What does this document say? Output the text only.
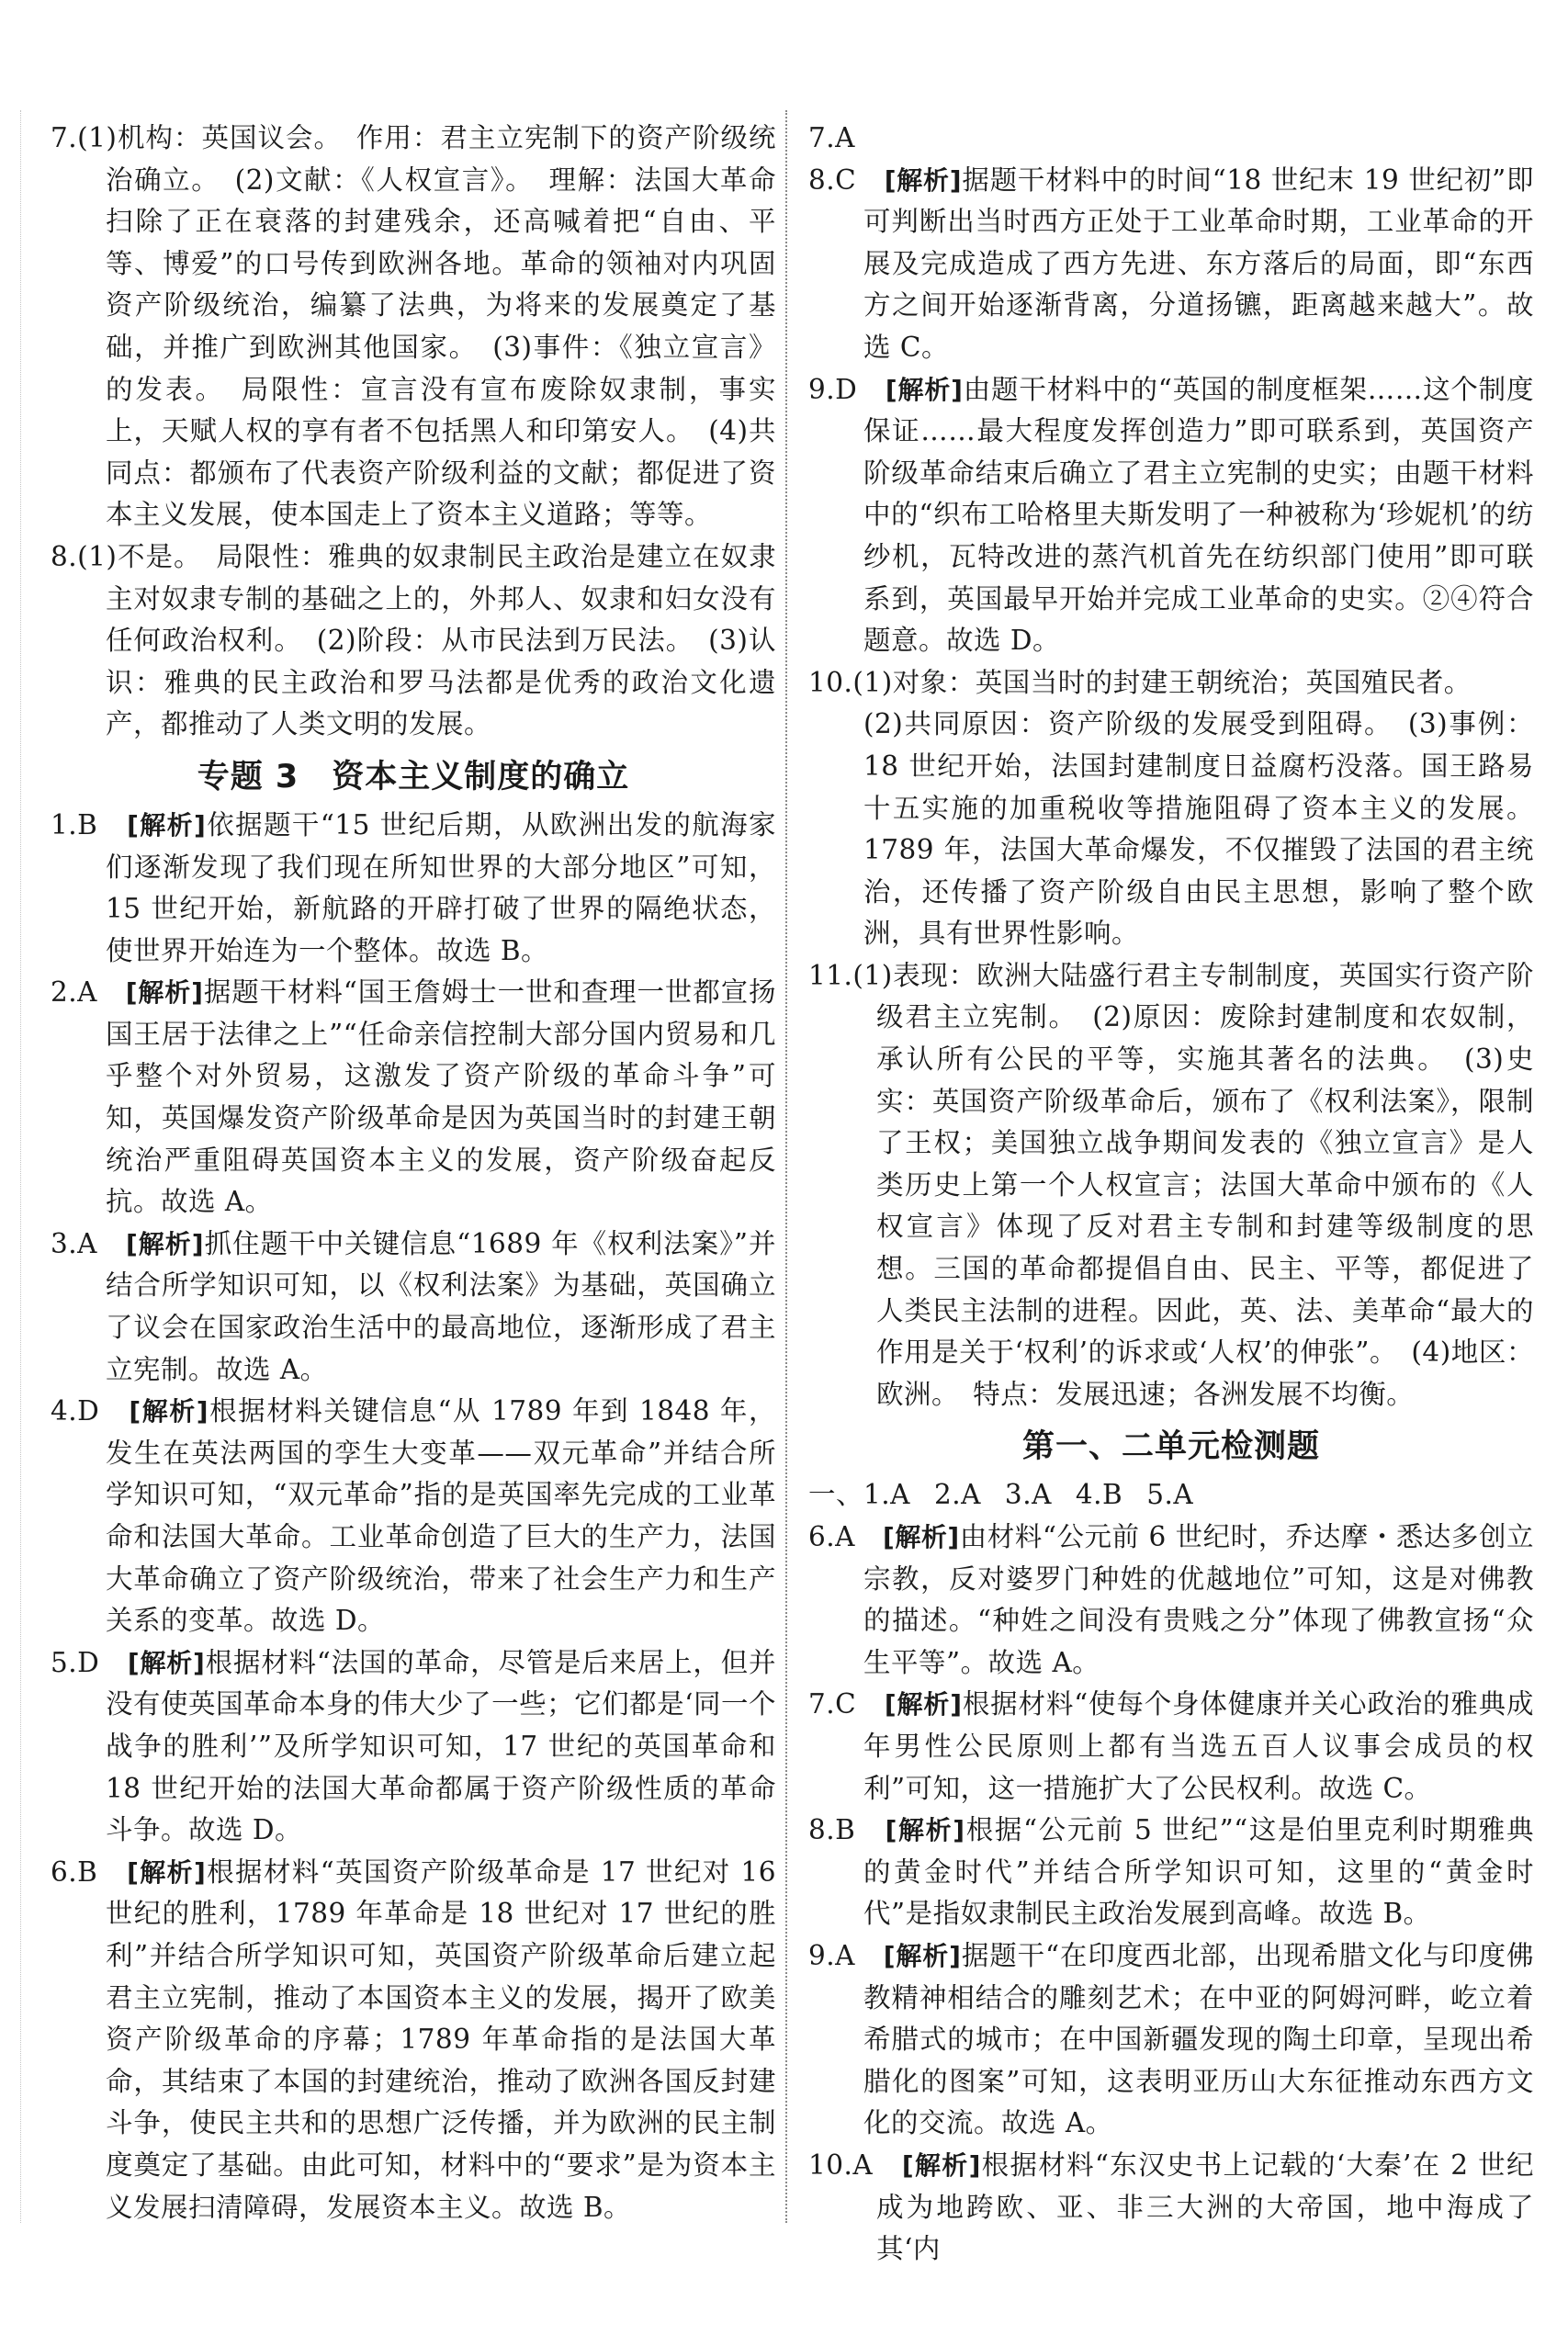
7.(1)机构：英国议会。　作用：君主立宪制下的资产阶级统治确立。　(2)文献：《人权宣言》。　理解：法国大革命扫除了正在衰落的封建残余，还高喊着把“自由、平等、博爱”的口号传到欧洲各地。革命的领袖对内巩固资产阶级统治，编纂了法典，为将来的发展奠定了基础，并推广到欧洲其他国家。　(3)事件：《独立宣言》的发表。　局限性：宣言没有宣布废除奴隶制，事实上，天赋人权的享有者不包括黑人和印第安人。　(4)共同点：都颁布了代表资产阶级利益的文献；都促进了资本主义发展，使本国走上了资本主义道路；等等。

8.(1)不是。　局限性：雅典的奴隶制民主政治是建立在奴隶主对奴隶专制的基础之上的，外邦人、奴隶和妇女没有任何政治权利。　(2)阶段：从市民法到万民法。　(3)认识：雅典的民主政治和罗马法都是优秀的政治文化遗产，都推动了人类文明的发展。

专题 3　资本主义制度的确立

1.B　 [解析]依据题干“15 世纪后期，从欧洲出发的航海家们逐渐发现了我们现在所知世界的大部分地区”可知，15 世纪开始，新航路的开辟打破了世界的隔绝状态，使世界开始连为一个整体。故选 B。

2.A　 [解析]据题干材料“国王詹姆士一世和查理一世都宣扬国王居于法律之上”“任命亲信控制大部分国内贸易和几乎整个对外贸易，这激发了资产阶级的革命斗争”可知，英国爆发资产阶级革命是因为英国当时的封建王朝统治严重阻碍英国资本主义的发展，资产阶级奋起反抗。故选 A。

3.A　 [解析]抓住题干中关键信息“1689 年《权利法案》”并结合所学知识可知，以《权利法案》为基础，英国确立了议会在国家政治生活中的最高地位，逐渐形成了君主立宪制。故选 A。

4.D　 [解析]根据材料关键信息“从 1789 年到 1848 年，发生在英法两国的孪生大变革——双元革命”并结合所学知识可知，“双元革命”指的是英国率先完成的工业革命和法国大革命。工业革命创造了巨大的生产力，法国大革命确立了资产阶级统治，带来了社会生产力和生产关系的变革。故选 D。

5.D　 [解析]根据材料“法国的革命，尽管是后来居上，但并没有使英国革命本身的伟大少了一些；它们都是‘同一个战争的胜利’”及所学知识可知，17 世纪的英国革命和 18 世纪开始的法国大革命都属于资产阶级性质的革命斗争。故选 D。

6.B　 [解析]根据材料“英国资产阶级革命是 17 世纪对 16 世纪的胜利，1789 年革命是 18 世纪对 17 世纪的胜利”并结合所学知识可知，英国资产阶级革命后建立起君主立宪制，推动了本国资本主义的发展，揭开了欧美资产阶级革命的序幕；1789 年革命指的是法国大革命，其结束了本国的封建统治，推动了欧洲各国反封建斗争，使民主共和的思想广泛传播，并为欧洲的民主制度奠定了基础。由此可知，材料中的“要求”是为资本主义发展扫清障碍，发展资本主义。故选 B。

7.A

8.C　 [解析]据题干材料中的时间“18 世纪末 19 世纪初”即可判断出当时西方正处于工业革命时期，工业革命的开展及完成造成了西方先进、东方落后的局面，即“东西方之间开始逐渐背离，分道扬镳，距离越来越大”。故选 C。

9.D　 [解析]由题干材料中的“英国的制度框架……这个制度保证……最大程度发挥创造力”即可联系到，英国资产阶级革命结束后确立了君主立宪制的史实；由题干材料中的“织布工哈格里夫斯发明了一种被称为‘珍妮机’的纺纱机，瓦特改进的蒸汽机首先在纺织部门使用”即可联系到，英国最早开始并完成工业革命的史实。②④符合题意。故选 D。

10.(1)对象：英国当时的封建王朝统治；英国殖民者。

(2)共同原因：资产阶级的发展受到阻碍。　(3)事例：18 世纪开始，法国封建制度日益腐朽没落。国王路易十五实施的加重税收等措施阻碍了资本主义的发展。1789 年，法国大革命爆发，不仅摧毁了法国的君主统治，还传播了资产阶级自由民主思想，影响了整个欧洲，具有世界性影响。

11.(1)表现：欧洲大陆盛行君主专制制度，英国实行资产阶级君主立宪制。　(2)原因：废除封建制度和农奴制，承认所有公民的平等，实施其著名的法典。　(3)史实：英国资产阶级革命后，颁布了《权利法案》，限制了王权；美国独立战争期间发表的《独立宣言》是人类历史上第一个人权宣言；法国大革命中颁布的《人权宣言》体现了反对君主专制和封建等级制度的思想。三国的革命都提倡自由、民主、平等，都促进了人类民主法制的进程。因此，英、法、美革命“最大的作用是关于‘权利’的诉求或‘人权’的伸张”。　(4)地区：欧洲。　特点：发展迅速；各洲发展不均衡。

第一、二单元检测题

一、1.A 2.A 3.A 4.B 5.A

6.A　 [解析]由材料“公元前 6 世纪时，乔达摩・悉达多创立宗教，反对婆罗门种姓的优越地位”可知，这是对佛教的描述。“种姓之间没有贵贱之分”体现了佛教宣扬“众生平等”。故选 A。

7.C　 [解析]根据材料“使每个身体健康并关心政治的雅典成年男性公民原则上都有当选五百人议事会成员的权利”可知，这一措施扩大了公民权利。故选 C。

8.B　 [解析]根据“公元前 5 世纪”“这是伯里克利时期雅典的黄金时代”并结合所学知识可知，这里的“黄金时代”是指奴隶制民主政治发展到高峰。故选 B。

9.A　 [解析]据题干“在印度西北部，出现希腊文化与印度佛教精神相结合的雕刻艺术；在中亚的阿姆河畔，屹立着希腊式的城市；在中国新疆发现的陶土印章，呈现出希腊化的图案”可知，这表明亚历山大东征推动东西方文化的交流。故选 A。

10.A　 [解析]根据材料“东汉史书上记载的‘大秦’在 2 世纪成为地跨欧、亚、非三大洲的大帝国，地中海成了其‘内
